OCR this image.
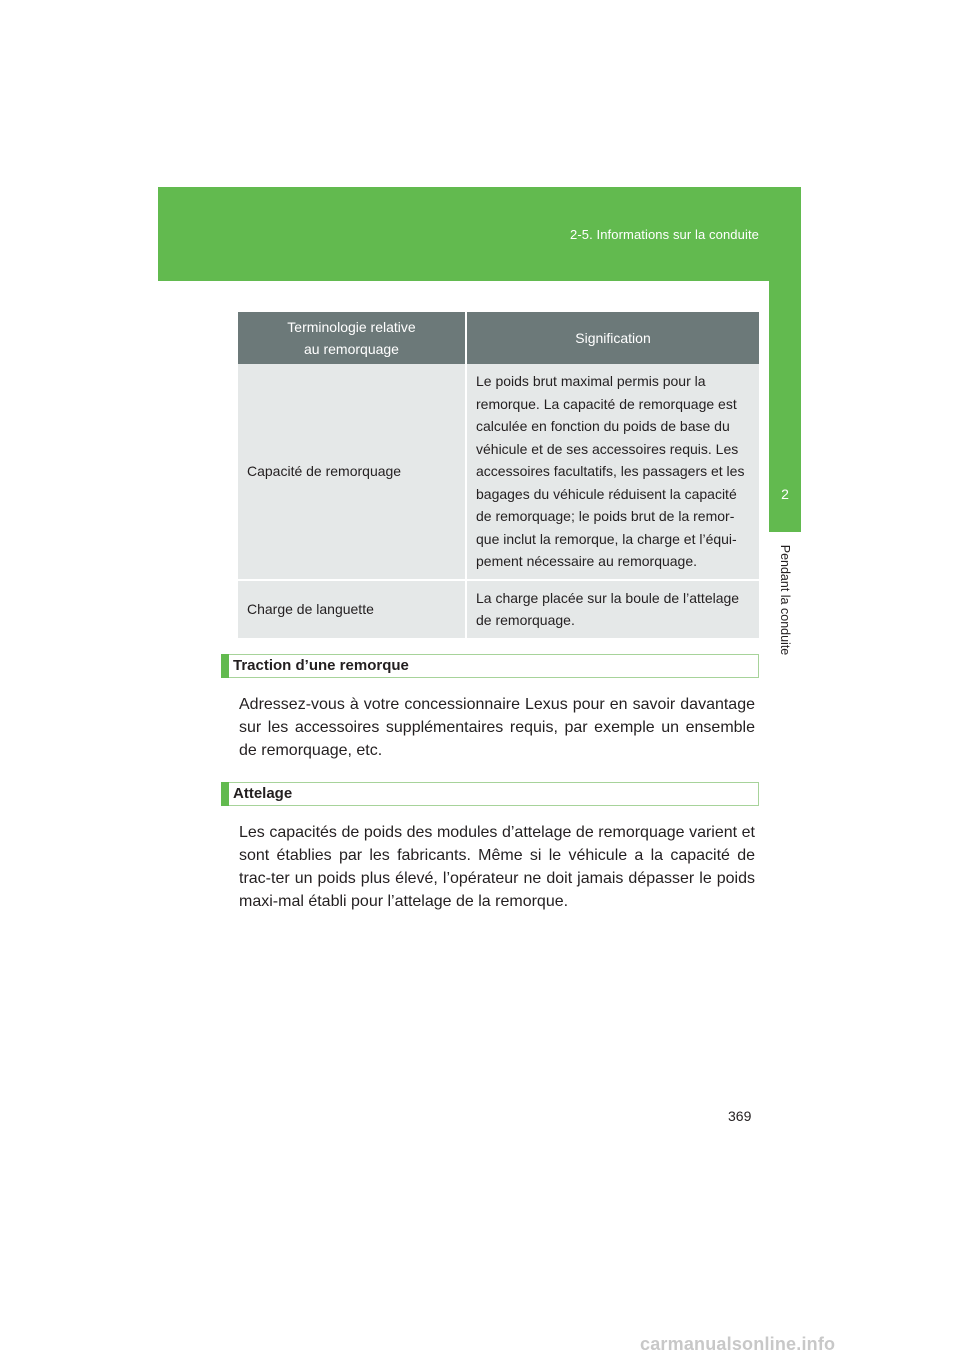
2-5. Informations sur la conduite
2
Pendant la conduite
Terminologie relative
au remorquage	Signification
Capacité de remorquage	Le poids brut maximal permis pour la remorque. La capacité de remorquage est calculée en fonction du poids de base du véhicule et de ses accessoires requis. Les accessoires facultatifs, les passagers et les bagages du véhicule réduisent la capacité de remorquage; le poids brut de la remor-que inclut la remorque, la charge et l’équi-pement nécessaire au remorquage.
Charge de languette	La charge placée sur la boule de l’attelage de remorquage.
Traction d’une remorque
Adressez-vous à votre concessionnaire Lexus pour en savoir davantage sur les accessoires supplémentaires requis, par exemple un ensemble de remorquage, etc.
Attelage
Les capacités de poids des modules d’attelage de remorquage varient et sont établies par les fabricants. Même si le véhicule a la capacité de trac-ter un poids plus élevé, l’opérateur ne doit jamais dépasser le poids maxi-mal établi pour l’attelage de la remorque.
369
carmanualsonline.info
